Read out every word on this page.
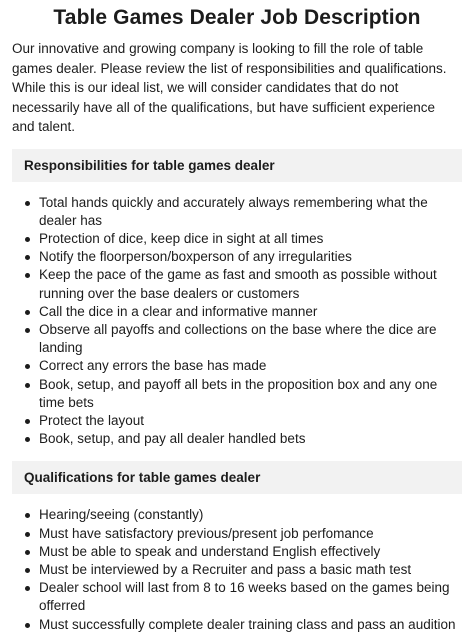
Table Games Dealer Job Description

Our innovative and growing company is looking to fill the role of table games dealer. Please review the list of responsibilities and qualifications. While this is our ideal list, we will consider candidates that do not necessarily have all of the qualifications, but have sufficient experience and talent.

Responsibilities for table games dealer
Total hands quickly and accurately always remembering what the dealer has
Protection of dice, keep dice in sight at all times
Notify the floorperson/boxperson of any irregularities
Keep the pace of the game as fast and smooth as possible without running over the base dealers or customers
Call the dice in a clear and informative manner
Observe all payoffs and collections on the base where the dice are landing
Correct any errors the base has made
Book, setup, and payoff all bets in the proposition box and any one time bets
Protect the layout
Book, setup, and pay all dealer handled bets
Qualifications for table games dealer
Hearing/seeing (constantly)
Must have satisfactory previous/present job perfomance
Must be able to speak and understand English effectively
Must be interviewed by a Recruiter and pass a basic math test
Dealer school will last from 8 to 16 weeks based on the games being offerred
Must successfully complete dealer training class and pass an audition
